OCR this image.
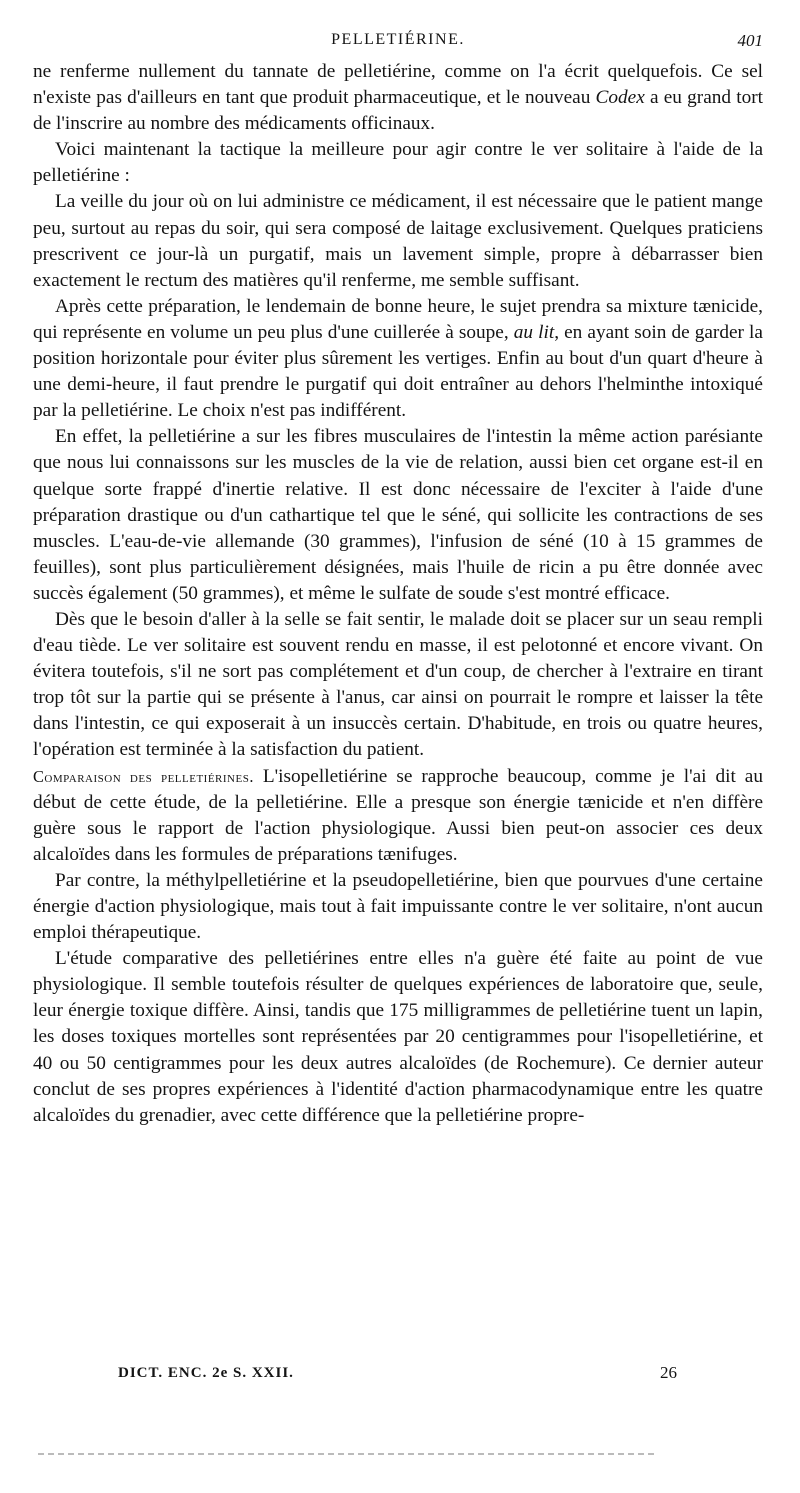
PELLETIÉRINE.	401

ne renferme nullement du tannate de pelletiérine, comme on l'a écrit quelquefois. Ce sel n'existe pas d'ailleurs en tant que produit pharmaceutique, et le nouveau Codex a eu grand tort de l'inscrire au nombre des médicaments officinaux.

Voici maintenant la tactique la meilleure pour agir contre le ver solitaire à l'aide de la pelletiérine :

La veille du jour où on lui administre ce médicament, il est nécessaire que le patient mange peu, surtout au repas du soir, qui sera composé de laitage exclusivement. Quelques praticiens prescrivent ce jour-là un purgatif, mais un lavement simple, propre à débarrasser bien exactement le rectum des matières qu'il renferme, me semble suffisant.

Après cette préparation, le lendemain de bonne heure, le sujet prendra sa mixture tænicide, qui représente en volume un peu plus d'une cuillerée à soupe, au lit, en ayant soin de garder la position horizontale pour éviter plus sûrement les vertiges. Enfin au bout d'un quart d'heure à une demi-heure, il faut prendre le purgatif qui doit entraîner au dehors l'helminthe intoxiqué par la pelletiérine. Le choix n'est pas indifférent.

En effet, la pelletiérine a sur les fibres musculaires de l'intestin la même action parésiante que nous lui connaissons sur les muscles de la vie de relation, aussi bien cet organe est-il en quelque sorte frappé d'inertie relative. Il est donc nécessaire de l'exciter à l'aide d'une préparation drastique ou d'un cathartique tel que le séné, qui sollicite les contractions de ses muscles. L'eau-de-vie allemande (30 grammes), l'infusion de séné (10 à 15 grammes de feuilles), sont plus particulièrement désignées, mais l'huile de ricin a pu être donnée avec succès également (50 grammes), et même le sulfate de soude s'est montré efficace.

Dès que le besoin d'aller à la selle se fait sentir, le malade doit se placer sur un seau rempli d'eau tiède. Le ver solitaire est souvent rendu en masse, il est pelotonné et encore vivant. On évitera toutefois, s'il ne sort pas complétement et d'un coup, de chercher à l'extraire en tirant trop tôt sur la partie qui se présente à l'anus, car ainsi on pourrait le rompre et laisser la tête dans l'intestin, ce qui exposerait à un insuccès certain. D'habitude, en trois ou quatre heures, l'opération est terminée à la satisfaction du patient.

Comparaison des pelletiérines. L'isopelletiérine se rapproche beaucoup, comme je l'ai dit au début de cette étude, de la pelletiérine. Elle a presque son énergie tænicide et n'en diffère guère sous le rapport de l'action physiologique. Aussi bien peut-on associer ces deux alcaloïdes dans les formules de préparations tænifuges.

Par contre, la méthylpelletiérine et la pseudopelletiérine, bien que pourvues d'une certaine énergie d'action physiologique, mais tout à fait impuissante contre le ver solitaire, n'ont aucun emploi thérapeutique.

L'étude comparative des pelletiérines entre elles n'a guère été faite au point de vue physiologique. Il semble toutefois résulter de quelques expériences de laboratoire que, seule, leur énergie toxique diffère. Ainsi, tandis que 175 milligrammes de pelletiérine tuent un lapin, les doses toxiques mortelles sont représentées par 20 centigrammes pour l'isopelletiérine, et 40 ou 50 centigrammes pour les deux autres alcaloïdes (de Rochemure). Ce dernier auteur conclut de ses propres expériences à l'identité d'action pharmacodynamique entre les quatre alcaloïdes du grenadier, avec cette différence que la pelletiérine propre-

DICT. ENC. 2e S. XXII.	26
